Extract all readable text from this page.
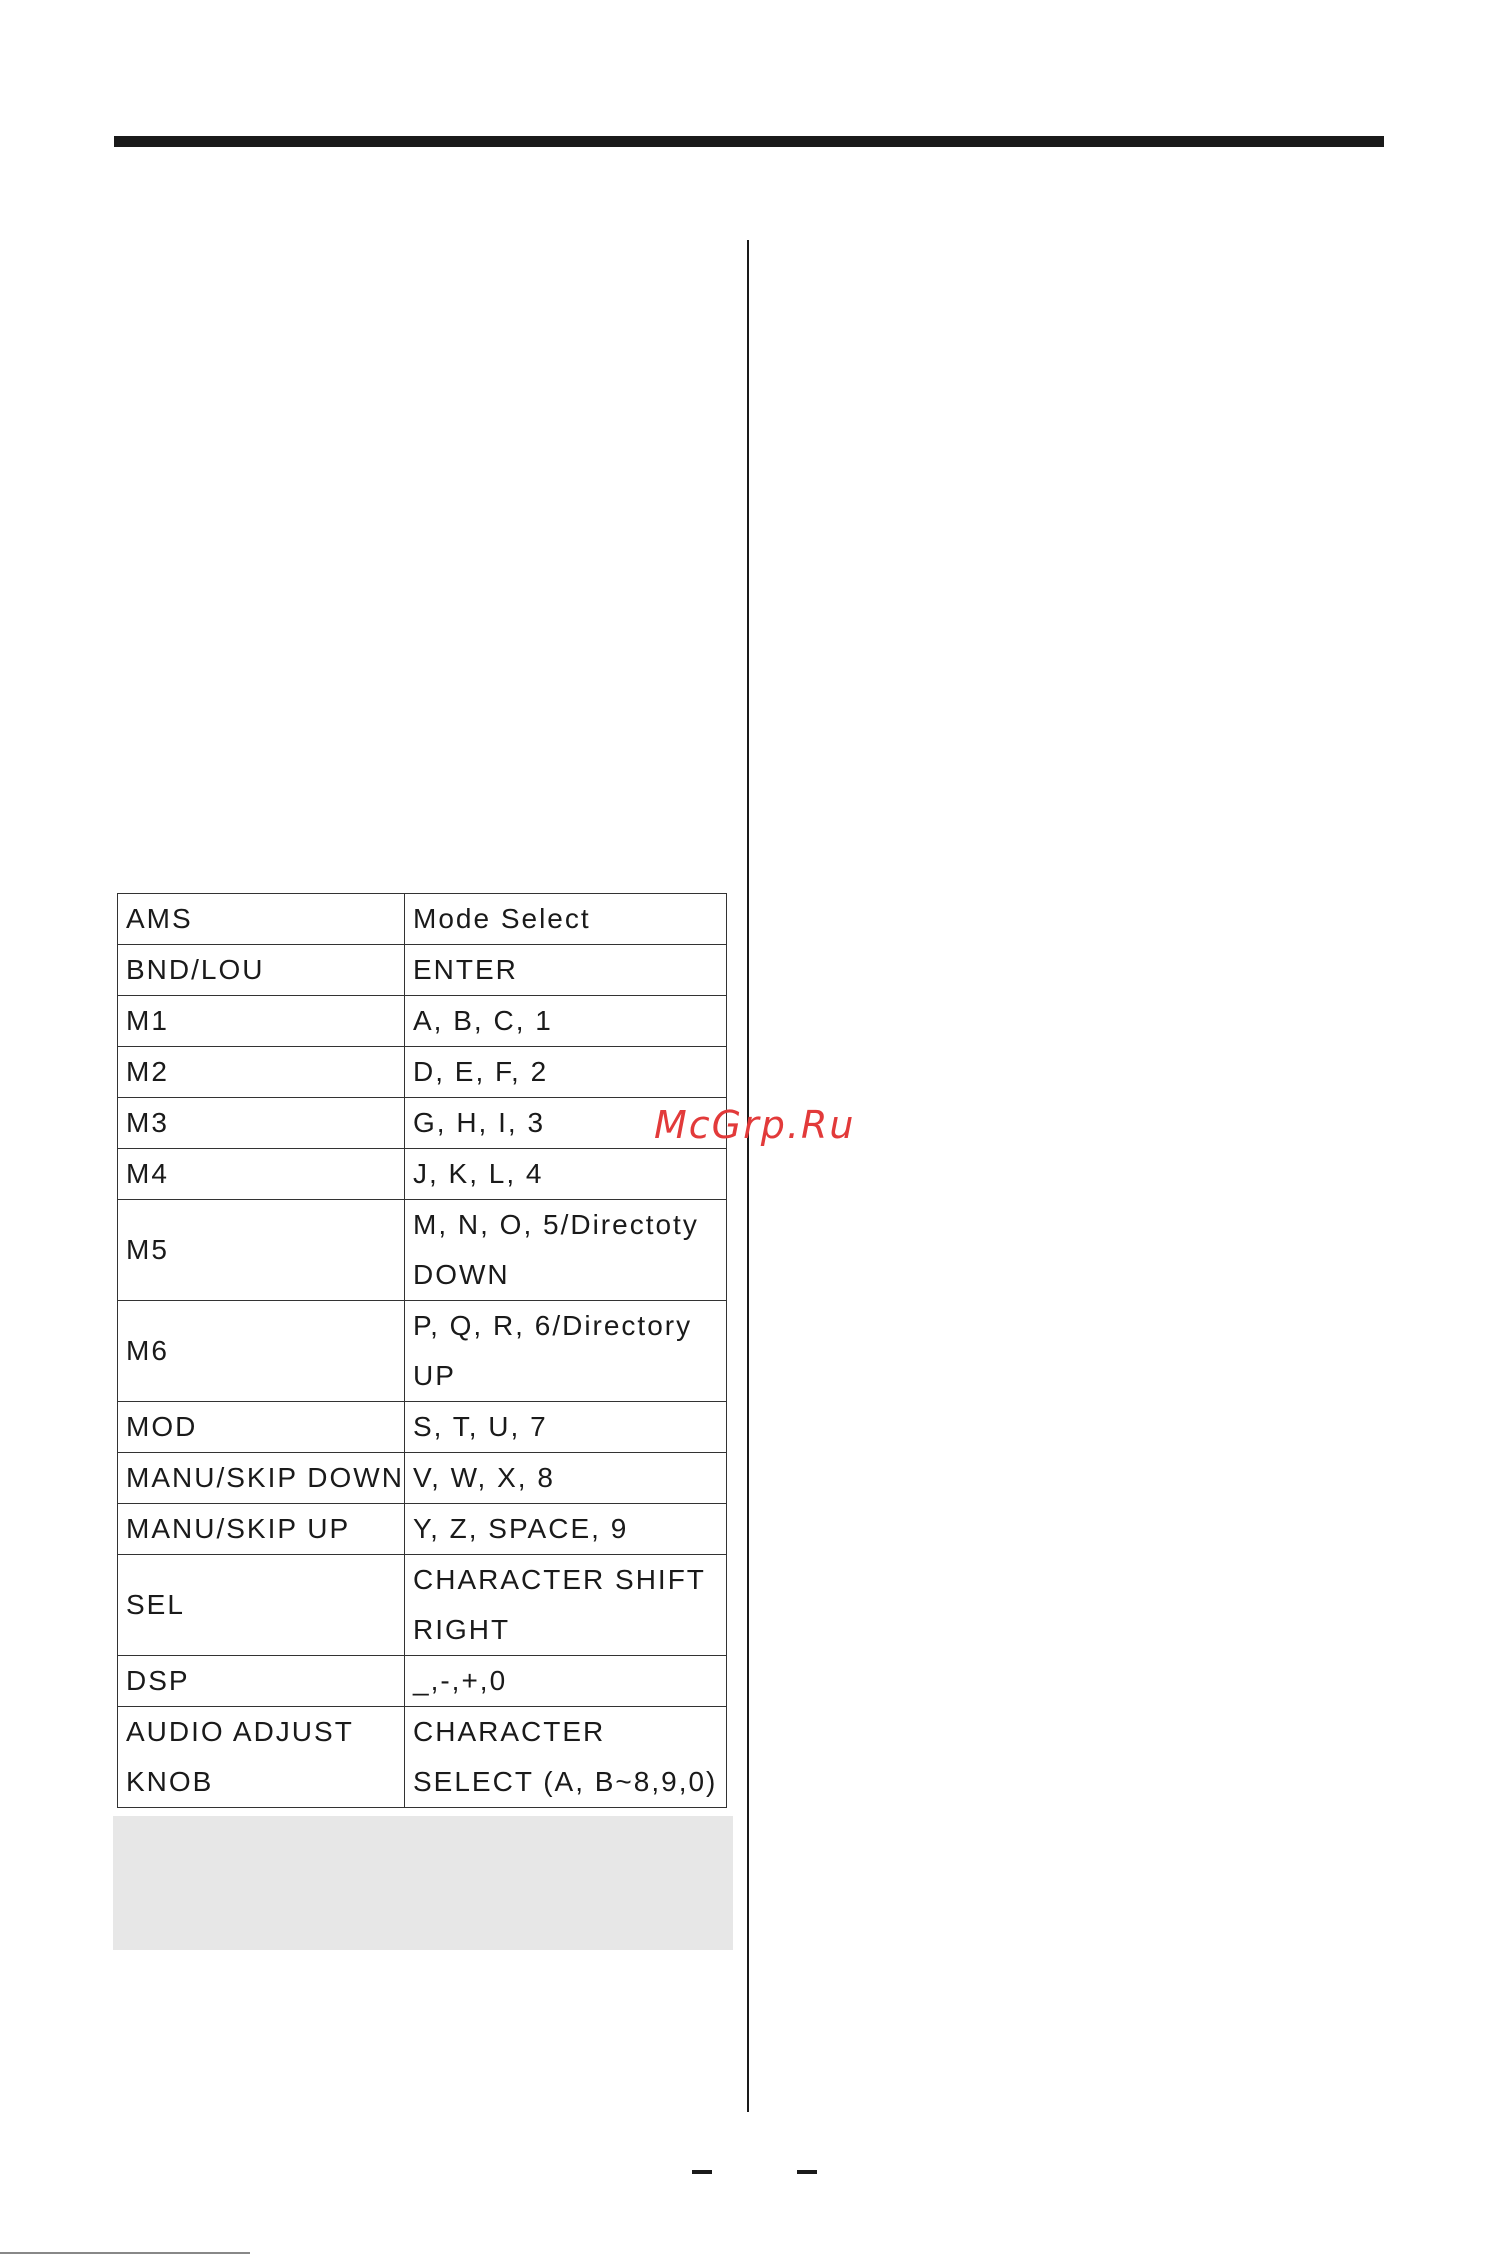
AMS	Mode Select
BND/LOU	ENTER
M1	A, B, C, 1
M2	D, E, F, 2
M3	G, H, I, 3
M4	J, K, L, 4
M5	M, N, O, 5/Directoty DOWN
M6	P, Q, R, 6/Directory UP
MOD	S, T, U, 7
MANU/SKIP DOWN	V, W, X, 8
MANU/SKIP UP	Y, Z, SPACE, 9
SEL	CHARACTER SHIFT RIGHT
DSP	_,-,+,0
AUDIO ADJUST KNOB	CHARACTER SELECT (A, B~8,9,0)
McGrp.Ru
